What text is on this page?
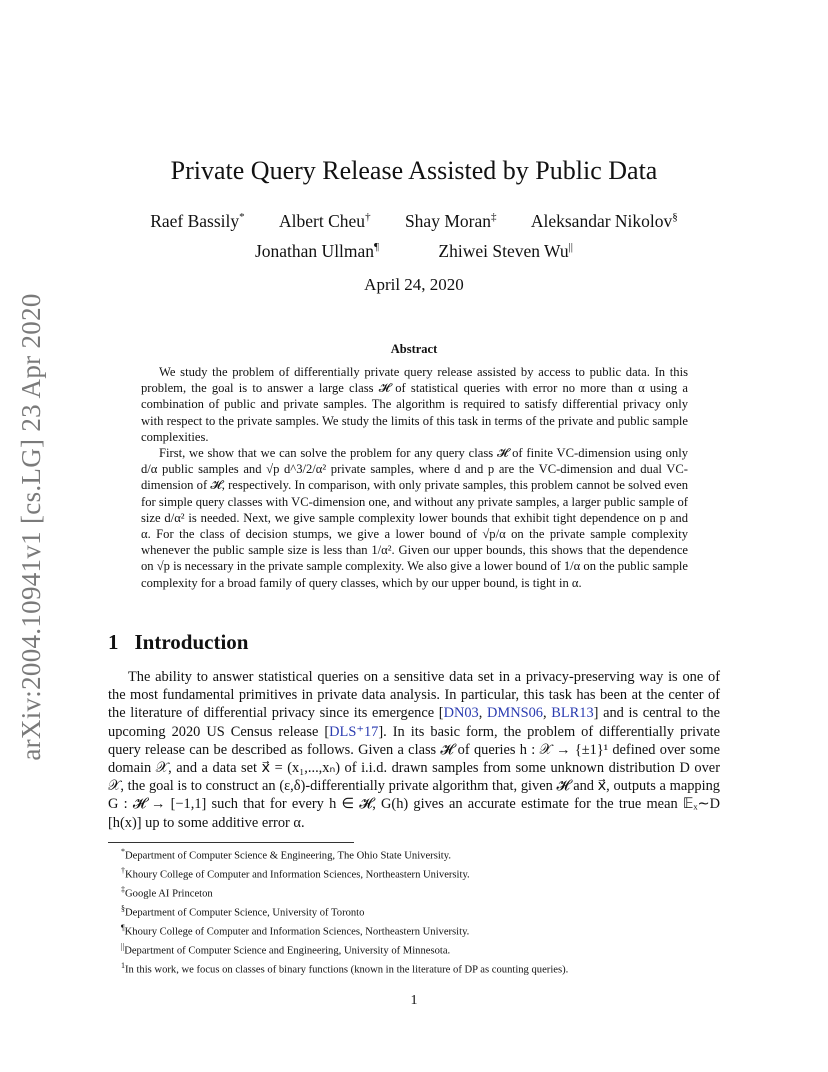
arXiv:2004.10941v1 [cs.LG] 23 Apr 2020
Private Query Release Assisted by Public Data
Raef Bassily* Albert Cheu† Shay Moran‡ Aleksandar Nikolov§
Jonathan Ullman¶	Zhiwei Steven Wu||
April 24, 2020
Abstract

We study the problem of differentially private query release assisted by access to public data. In this problem, the goal is to answer a large class 𝓗 of statistical queries with error no more than α using a combination of public and private samples. The algorithm is required to satisfy differential privacy only with respect to the private samples. We study the limits of this task in terms of the private and public sample complexities.

First, we show that we can solve the problem for any query class 𝓗 of finite VC-dimension using only d/α public samples and √p d^3/2/α² private samples, where d and p are the VC-dimension and dual VC-dimension of 𝓗, respectively. In comparison, with only private samples, this problem cannot be solved even for simple query classes with VC-dimension one, and without any private samples, a larger public sample of size d/α² is needed. Next, we give sample complexity lower bounds that exhibit tight dependence on p and α. For the class of decision stumps, we give a lower bound of √p/α on the private sample complexity whenever the public sample size is less than 1/α². Given our upper bounds, this shows that the dependence on √p is necessary in the private sample complexity. We also give a lower bound of 1/α on the public sample complexity for a broad family of query classes, which by our upper bound, is tight in α.

1 Introduction

The ability to answer statistical queries on a sensitive data set in a privacy-preserving way is one of the most fundamental primitives in private data analysis. In particular, this task has been at the center of the literature of differential privacy since its emergence [DN03, DMNS06, BLR13] and is central to the upcoming 2020 US Census release [DLS⁺17]. In its basic form, the problem of differentially private query release can be described as follows. Given a class 𝓗 of queries h : 𝒳 → {±1}¹ defined over some domain 𝒳, and a data set x⃗ = (x₁,...,xₙ) of i.i.d. drawn samples from some unknown distribution D over 𝒳, the goal is to construct an (ε,δ)-differentially private algorithm that, given 𝓗 and x⃗, outputs a mapping G : 𝓗 → [−1,1] such that for every h ∈ 𝓗, G(h) gives an accurate estimate for the true mean 𝔼ₓ∼D [h(x)] up to some additive error α.

*Department of Computer Science & Engineering, The Ohio State University.
†Khoury College of Computer and Information Sciences, Northeastern University.
‡Google AI Princeton
§Department of Computer Science, University of Toronto
¶Khoury College of Computer and Information Sciences, Northeastern University.
||Department of Computer Science and Engineering, University of Minnesota.
$^1$In this work, we focus on classes of binary functions (known in the literature of DP as counting queries).
1
